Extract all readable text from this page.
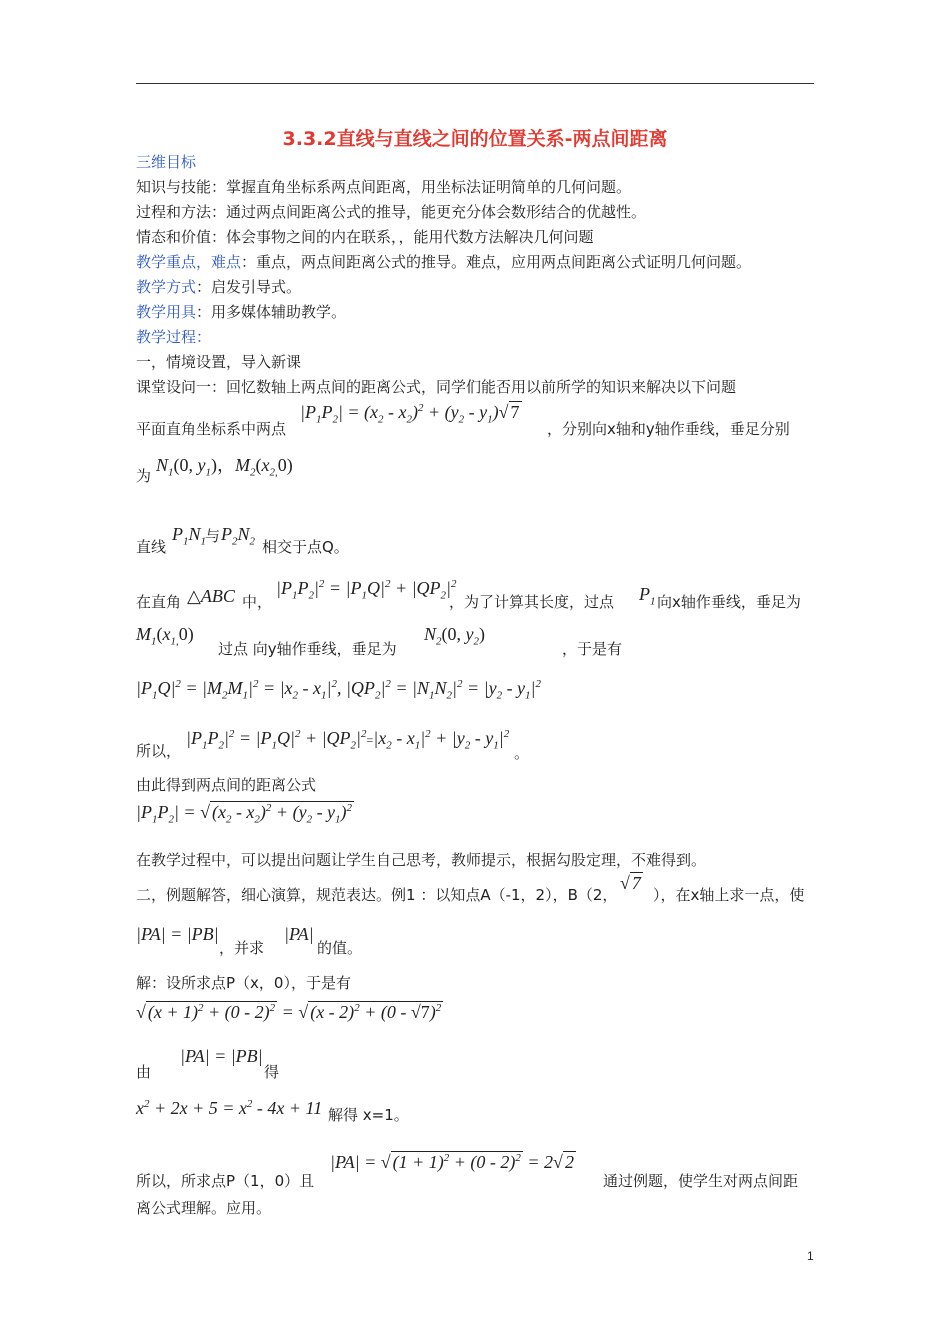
3.3.2直线与直线之间的位置关系-两点间距离
三维目标
知识与技能：掌握直角坐标系两点间距离，用坐标法证明简单的几何问题。
过程和方法：通过两点间距离公式的推导，能更充分体会数形结合的优越性。
情态和价值：体会事物之间的内在联系，，能用代数方法解决几何问题
教学重点，难点：重点，两点间距离公式的推导。难点，应用两点间距离公式证明几何问题。
教学方式：启发引导式。
教学用具：用多媒体辅助教学。
教学过程：
一，情境设置，导入新课
课堂设问一：回忆数轴上两点间的距离公式，同学们能否用以前所学的知识来解决以下问题
平面直角坐标系中两点
$|P_1P_2| = (x_2 - x_2)^2 + (y_2 - y_1)√$ 7
，分别向x轴和y轴作垂线，垂足分别
为
$N_1(0$, $y_1$)，$M_2(x_{2,}0)$
直线
$P_1N_1$
与 $P_2N_2$ 相交于点Q。
在直角 △ABC 中，
$|P_1P_2|^2 = |P_1Q|^2 + |QP_2|^2$
，为了计算其长度，过点 $P_1$ 向x轴作垂线，垂足为
$M_1(x_{1,}0)$
过点 向y轴作垂线，垂足为
$N_2(0$, $y_2$)
，于是有
$|P_1Q|^2 = |M_2M_1|^2 = |x_2 - x_1|^2$, $|QP_2|^2 = |N_1N_2|^2 = |y_2 - y_1|^2$
所以，
$|P_1P_2|^2 = |P_1Q|^2 + |QP_2|^2=|x_2 - x_1|^2 + |y_2 - y_1|^2$
。
由此得到两点间的距离公式
$|P_1P_2|$ = √ $(x_2 - x_2)^2 + (y_2 - y_1)^2$
在教学过程中，可以提出问题让学生自己思考，教师提示，根据勾股定理，不难得到。
二，例题解答，细心演算，规范表达。例1 ：以知点A（-1，2），B（2，
√ 7
），在x轴上求一点，使
|PA| = |PB|
，并求
|PA|
的值。
解：设所求点P（x，0），于是有
√ $(x + 1)^2 + (0 - 2)^2$ = √ (x - 2)$^2$ + (0 - √7)$^2$
由
|PA| = |PB|
得
$x^2 + 2x + 5 = x^2 - 4x + 11$ 解得 x=1。
所以，所求点P（1，0）且
|PA| = √ $(1 + 1)^2 + (0 - 2)^2 = 2√$ 2
通过例题，使学生对两点间距
离公式理解。应用。
1
